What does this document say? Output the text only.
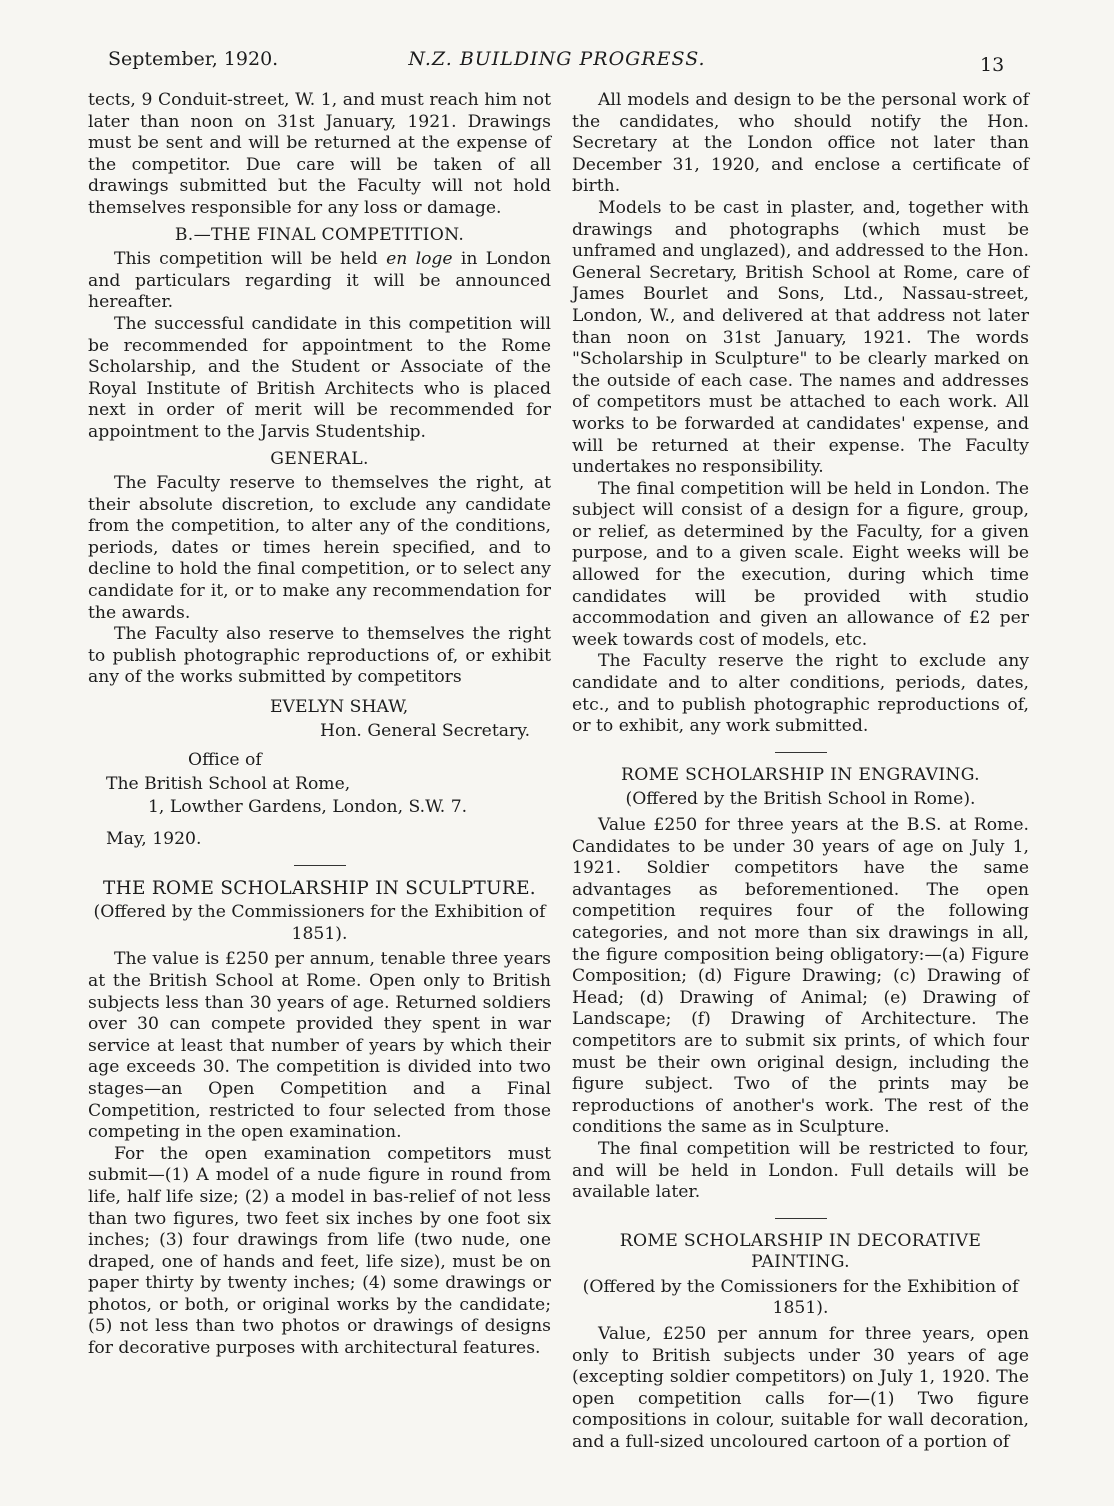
September, 1920.	N.Z. BUILDING PROGRESS.	13

tects, 9 Conduit-street, W. 1, and must reach him not later than noon on 31st January, 1921. Drawings must be sent and will be returned at the expense of the competitor. Due care will be taken of all drawings submitted but the Faculty will not hold themselves responsible for any loss or damage.

B.—THE FINAL COMPETITION.

This competition will be held en loge in London and particulars regarding it will be announced hereafter.

The successful candidate in this competition will be recommended for appointment to the Rome Scholarship, and the Student or Associate of the Royal Institute of British Architects who is placed next in order of merit will be recommended for appointment to the Jarvis Studentship.

GENERAL.

The Faculty reserve to themselves the right, at their absolute discretion, to exclude any candidate from the competition, to alter any of the conditions, periods, dates or times herein specified, and to decline to hold the final competition, or to select any candidate for it, or to make any recommendation for the awards.

The Faculty also reserve to themselves the right to publish photographic reproductions of, or exhibit any of the works submitted by competitors

EVELYN SHAW,
Hon. General Secretary.
Office of
The British School at Rome,
1, Lowther Gardens, London, S.W. 7.
May, 1920.
THE ROME SCHOLARSHIP IN SCULPTURE.
(Offered by the Commissioners for the Exhibition of 1851).

The value is £250 per annum, tenable three years at the British School at Rome. Open only to British subjects less than 30 years of age. Returned soldiers over 30 can compete provided they spent in war service at least that number of years by which their age exceeds 30. The competition is divided into two stages—an Open Competition and a Final Competition, restricted to four selected from those competing in the open examination.

For the open examination competitors must submit—(1) A model of a nude figure in round from life, half life size; (2) a model in bas-relief of not less than two figures, two feet six inches by one foot six inches; (3) four drawings from life (two nude, one draped, one of hands and feet, life size), must be on paper thirty by twenty inches; (4) some drawings or photos, or both, or original works by the candidate; (5) not less than two photos or drawings of designs for decorative purposes with architectural features.

All models and design to be the personal work of the candidates, who should notify the Hon. Secretary at the London office not later than December 31, 1920, and enclose a certificate of birth.

Models to be cast in plaster, and, together with drawings and photographs (which must be unframed and unglazed), and addressed to the Hon. General Secretary, British School at Rome, care of James Bourlet and Sons, Ltd., Nassau-street, London, W., and delivered at that address not later than noon on 31st January, 1921. The words "Scholarship in Sculpture" to be clearly marked on the outside of each case. The names and addresses of competitors must be attached to each work. All works to be forwarded at candidates' expense, and will be returned at their expense. The Faculty undertakes no responsibility.

The final competition will be held in London. The subject will consist of a design for a figure, group, or relief, as determined by the Faculty, for a given purpose, and to a given scale. Eight weeks will be allowed for the execution, during which time candidates will be provided with studio accommodation and given an allowance of £2 per week towards cost of models, etc.

The Faculty reserve the right to exclude any candidate and to alter conditions, periods, dates, etc., and to publish photographic reproductions of, or to exhibit, any work submitted.

ROME SCHOLARSHIP IN ENGRAVING.
(Offered by the British School in Rome).

Value £250 for three years at the B.S. at Rome. Candidates to be under 30 years of age on July 1, 1921. Soldier competitors have the same advantages as beforementioned. The open competition requires four of the following categories, and not more than six drawings in all, the figure composition being obligatory:—(a) Figure Composition; (d) Figure Drawing; (c) Drawing of Head; (d) Drawing of Animal; (e) Drawing of Landscape; (f) Drawing of Architecture. The competitors are to submit six prints, of which four must be their own original design, including the figure subject. Two of the prints may be reproductions of another's work. The rest of the conditions the same as in Sculpture.

The final competition will be restricted to four, and will be held in London. Full details will be available later.

ROME SCHOLARSHIP IN DECORATIVE PAINTING.
(Offered by the Comissioners for the Exhibition of 1851).

Value, £250 per annum for three years, open only to British subjects under 30 years of age (excepting soldier competitors) on July 1, 1920. The open competition calls for—(1) Two figure compositions in colour, suitable for wall decoration, and a full-sized uncoloured cartoon of a portion of
